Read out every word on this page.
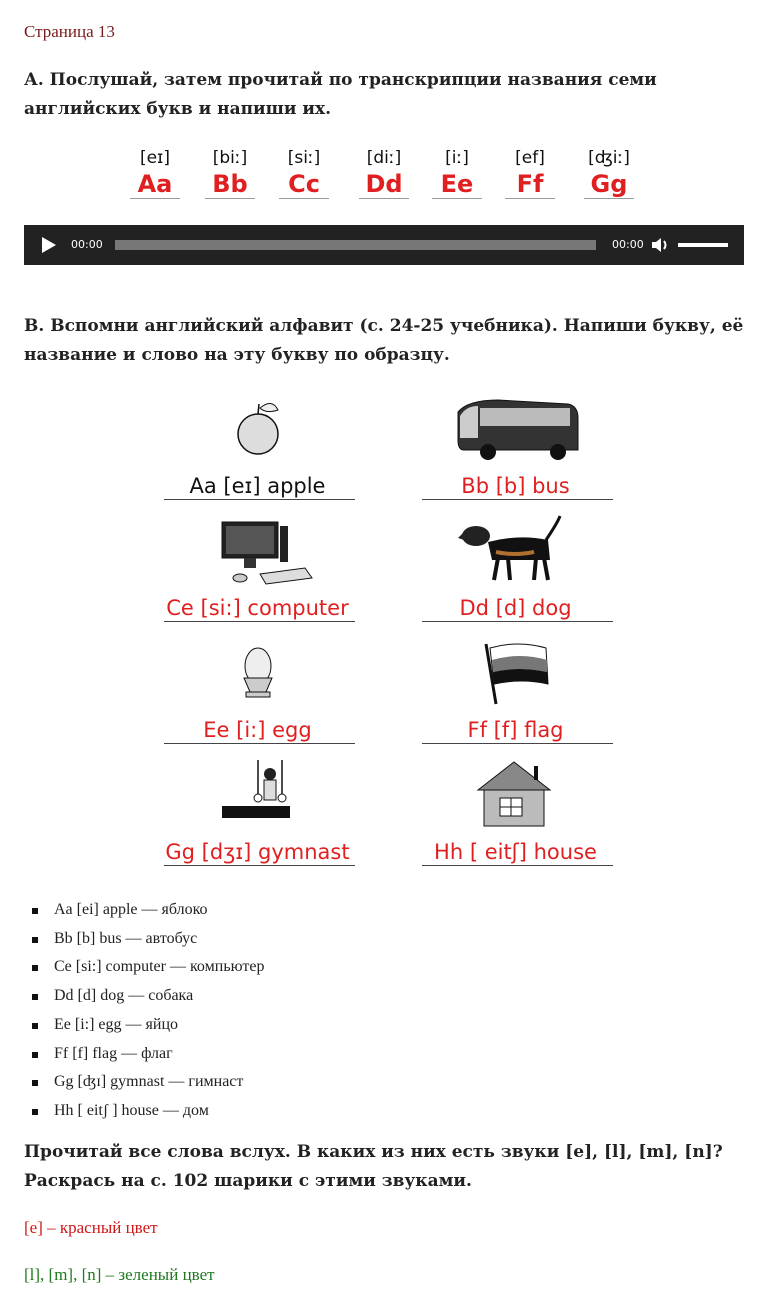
Страница 13
А. Послушай, затем прочитай по транскрипции названия семи английских букв и напиши их.
[eɪ]
Aa
[biː]
Bb
[siː]
Cc
[diː]
Dd
[iː]
Ee
[ef]
Ff
[ʤiː]
Gg
00:00	00:00
В. Вспомни английский алфавит (с. 24-25 учебника). Напиши букву, её название и слово на эту букву по образцу.
Aa [eɪ] apple	Bb [b] bus
Ce [si:] computer	Dd [d] dog
Ee [i:] egg	Ff [f] flag
Gg [dʒɪ] gymnast	Hh [ eitʃ] house
Aa [ei] apple — яблоко
Bb [b] bus — автобус
Ce [si:] computer — компьютер
Dd [d] dog — собака
Ee [i:] egg — яйцо
Ff [f] flag — флаг
Gg [ʤɪ] gymnast — гимнаст
Hh [ eitʃ ] house — дом
Прочитай все слова вслух. В каких из них есть звуки [e], [l], [m], [n]? Раскрась на с. 102 шарики с этими звуками.
[e] – красный цвет
[l], [m], [n] – зеленый цвет
